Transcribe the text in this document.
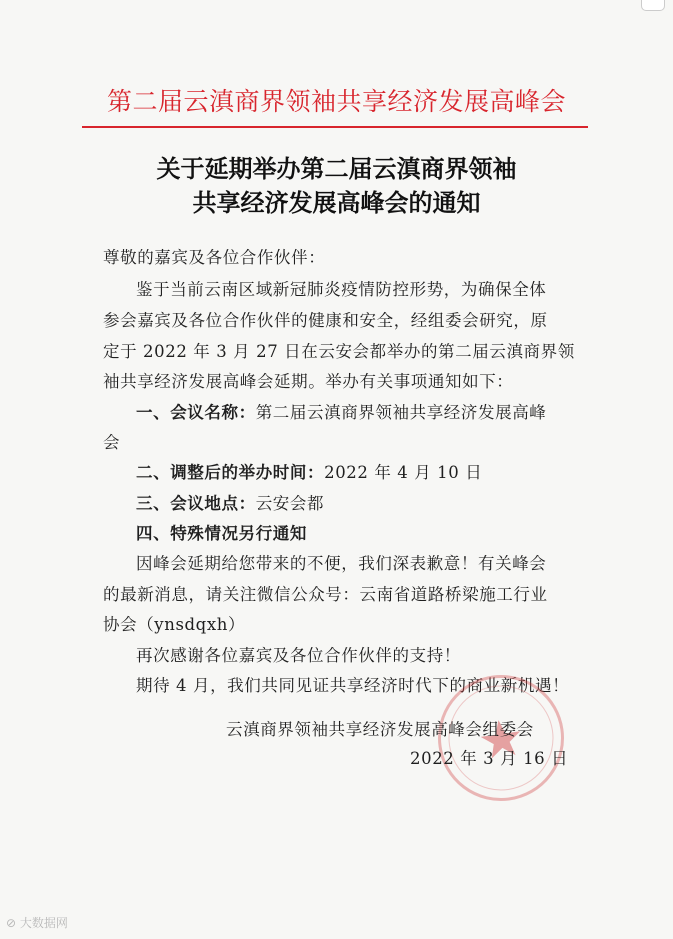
第二届云滇商界领袖共享经济发展高峰会
关于延期举办第二届云滇商界领袖
共享经济发展高峰会的通知
尊敬的嘉宾及各位合作伙伴：
鉴于当前云南区域新冠肺炎疫情防控形势，为确保全体
参会嘉宾及各位合作伙伴的健康和安全，经组委会研究，原
定于 2022 年 3 月 27 日在云安会都举办的第二届云滇商界领
袖共享经济发展高峰会延期。举办有关事项通知如下：
一、会议名称：第二届云滇商界领袖共享经济发展高峰
会
二、调整后的举办时间：2022 年 4 月 10 日
三、会议地点：云安会都
四、特殊情况另行通知
因峰会延期给您带来的不便，我们深表歉意！有关峰会
的最新消息，请关注微信公众号：云南省道路桥梁施工行业
协会（ynsdqxh）
再次感谢各位嘉宾及各位合作伙伴的支持！
期待 4 月，我们共同见证共享经济时代下的商业新机遇！
云滇商界领袖共享经济发展高峰会组委会
2022 年 3 月 16 日
⊘ 大数据网
